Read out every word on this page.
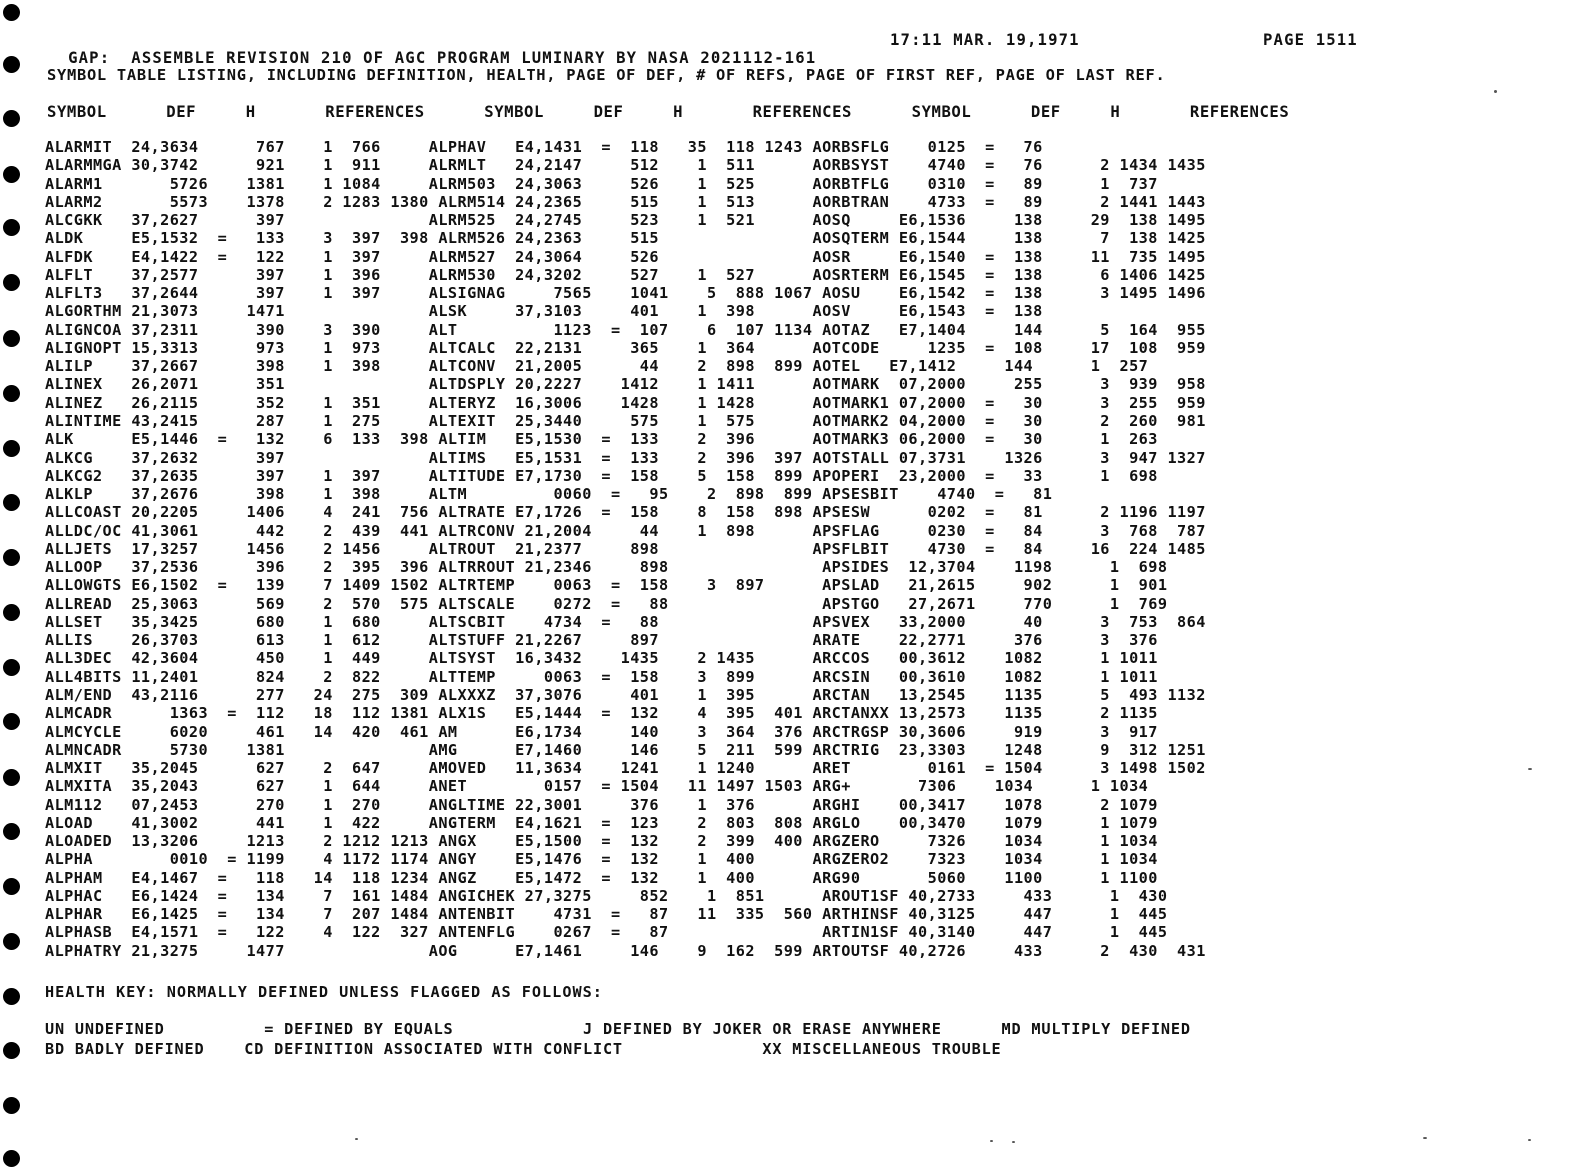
GAP:  ASSEMBLE REVISION 210 OF AGC PROGRAM LUMINARY BY NASA 2021112-161

17:11 MAR. 19,1971	PAGE 1511
SYMBOL TABLE LISTING, INCLUDING DEFINITION, HEALTH, PAGE OF DEF, # OF REFS, PAGE OF FIRST REF, PAGE OF LAST REF.
SYMBOL      DEF     H       REFERENCES      SYMBOL     DEF     H       REFERENCES      SYMBOL      DEF     H       REFERENCES
ALARMIT  24,3634      767    1  766     ALPHAV   E4,1431  =  118   35  118 1243 AORBSFLG    0125  =   76
ALARMMGA 30,3742      921    1  911     ALRMLT   24,2147     512    1  511      AORBSYST    4740  =   76      2 1434 1435
ALARM1       5726    1381    1 1084     ALRM503  24,3063     526    1  525      AORBTFLG    0310  =   89      1  737
ALARM2       5573    1378    2 1283 1380 ALRM514 24,2365     515    1  513      AORBTRAN    4733  =   89      2 1441 1443
ALCGKK   37,2627      397               ALRM525  24,2745     523    1  521      AOSQ     E6,1536     138     29  138 1495
ALDK     E5,1532  =   133    3  397  398 ALRM526 24,2363     515                AOSQTERM E6,1544     138      7  138 1425
ALFDK    E4,1422  =   122    1  397     ALRM527  24,3064     526                AOSR     E6,1540  =  138     11  735 1495
ALFLT    37,2577      397    1  396     ALRM530  24,3202     527    1  527      AOSRTERM E6,1545  =  138      6 1406 1425
ALFLT3   37,2644      397    1  397     ALSIGNAG     7565    1041    5  888 1067 AOSU    E6,1542  =  138      3 1495 1496
ALGORTHM 21,3073     1471               ALSK     37,3103     401    1  398      AOSV     E6,1543  =  138
ALIGNCOA 37,2311      390    3  390     ALT          1123  =  107    6  107 1134 AOTAZ   E7,1404     144      5  164  955
ALIGNOPT 15,3313      973    1  973     ALTCALC  22,2131     365    1  364      AOTCODE     1235  =  108     17  108  959
ALILP    37,2667      398    1  398     ALTCONV  21,2005      44    2  898  899 AOTEL   E7,1412     144      1  257
ALINEX   26,2071      351               ALTDSPLY 20,2227    1412    1 1411      AOTMARK  07,2000     255      3  939  958
ALINEZ   26,2115      352    1  351     ALTERYZ  16,3006    1428    1 1428      AOTMARK1 07,2000  =   30      3  255  959
ALINTIME 43,2415      287    1  275     ALTEXIT  25,3440     575    1  575      AOTMARK2 04,2000  =   30      2  260  981
ALK      E5,1446  =   132    6  133  398 ALTIM   E5,1530  =  133    2  396      AOTMARK3 06,2000  =   30      1  263
ALKCG    37,2632      397               ALTIMS   E5,1531  =  133    2  396  397 AOTSTALL 07,3731    1326      3  947 1327
ALKCG2   37,2635      397    1  397     ALTITUDE E7,1730  =  158    5  158  899 APOPERI  23,2000  =   33      1  698
ALKLP    37,2676      398    1  398     ALTM         0060  =   95    2  898  899 APSESBIT    4740  =   81
ALLCOAST 20,2205     1406    4  241  756 ALTRATE E7,1726  =  158    8  158  898 APSESW      0202  =   81      2 1196 1197
ALLDC/OC 41,3061      442    2  439  441 ALTRCONV 21,2004     44    1  898      APSFLAG     0230  =   84      3  768  787
ALLJETS  17,3257     1456    2 1456     ALTROUT  21,2377     898                APSFLBIT    4730  =   84     16  224 1485
ALLOOP   37,2536      396    2  395  396 ALTRROUT 21,2346     898                APSIDES  12,3704    1198      1  698
ALLOWGTS E6,1502  =   139    7 1409 1502 ALTRTEMP    0063  =  158    3  897      APSLAD   21,2615     902      1  901
ALLREAD  25,3063      569    2  570  575 ALTSCALE    0272  =   88                APSTGO   27,2671     770      1  769
ALLSET   35,3425      680    1  680     ALTSCBIT    4734  =   88                APSVEX   33,2000      40      3  753  864
ALLIS    26,3703      613    1  612     ALTSTUFF 21,2267     897                ARATE    22,2771     376      3  376
ALL3DEC  42,3604      450    1  449     ALTSYST  16,3432    1435    2 1435      ARCCOS   00,3612    1082      1 1011
ALL4BITS 11,2401      824    2  822     ALTTEMP     0063  =  158    3  899      ARCSIN   00,3610    1082      1 1011
ALM/END  43,2116      277   24  275  309 ALXXXZ  37,3076     401    1  395      ARCTAN   13,2545    1135      5  493 1132
ALMCADR      1363  =  112   18  112 1381 ALX1S   E5,1444  =  132    4  395  401 ARCTANXX 13,2573    1135      2 1135
ALMCYCLE     6020     461   14  420  461 AM      E6,1734     140    3  364  376 ARCTRGSP 30,3606     919      3  917
ALMNCADR     5730    1381               AMG      E7,1460     146    5  211  599 ARCTRIG  23,3303    1248      9  312 1251
ALMXIT   35,2045      627    2  647     AMOVED   11,3634    1241    1 1240      ARET        0161  = 1504      3 1498 1502
ALMXITA  35,2043      627    1  644     ANET        0157  = 1504   11 1497 1503 ARG+       7306    1034      1 1034
ALM112   07,2453      270    1  270     ANGLTIME 22,3001     376    1  376      ARGHI    00,3417    1078      2 1079
ALOAD    41,3002      441    1  422     ANGTERM  E4,1621  =  123    2  803  808 ARGLO    00,3470    1079      1 1079
ALOADED  13,3206     1213    2 1212 1213 ANGX    E5,1500  =  132    2  399  400 ARGZERO     7326    1034      1 1034
ALPHA        0010  = 1199    4 1172 1174 ANGY    E5,1476  =  132    1  400      ARGZERO2    7323    1034      1 1034
ALPHAM   E4,1467  =   118   14  118 1234 ANGZ    E5,1472  =  132    1  400      ARG90       5060    1100      1 1100
ALPHAC   E6,1424  =   134    7  161 1484 ANGICHEK 27,3275     852    1  851      AROUT1SF 40,2733     433      1  430
ALPHAR   E6,1425  =   134    7  207 1484 ANTENBIT    4731  =   87   11  335  560 ARTHINSF 40,3125     447      1  445
ALPHASB  E4,1571  =   122    4  122  327 ANTENFLG    0267  =   87                ARTIN1SF 40,3140     447      1  445
ALPHATRY 21,3275     1477               AOG      E7,1461     146    9  162  599 ARTOUTSF 40,2726     433      2  430  431
HEALTH KEY: NORMALLY DEFINED UNLESS FLAGGED AS FOLLOWS:
UN UNDEFINED          = DEFINED BY EQUALS             J DEFINED BY JOKER OR ERASE ANYWHERE      MD MULTIPLY DEFINED
BD BADLY DEFINED    CD DEFINITION ASSOCIATED WITH CONFLICT              XX MISCELLANEOUS TROUBLE
